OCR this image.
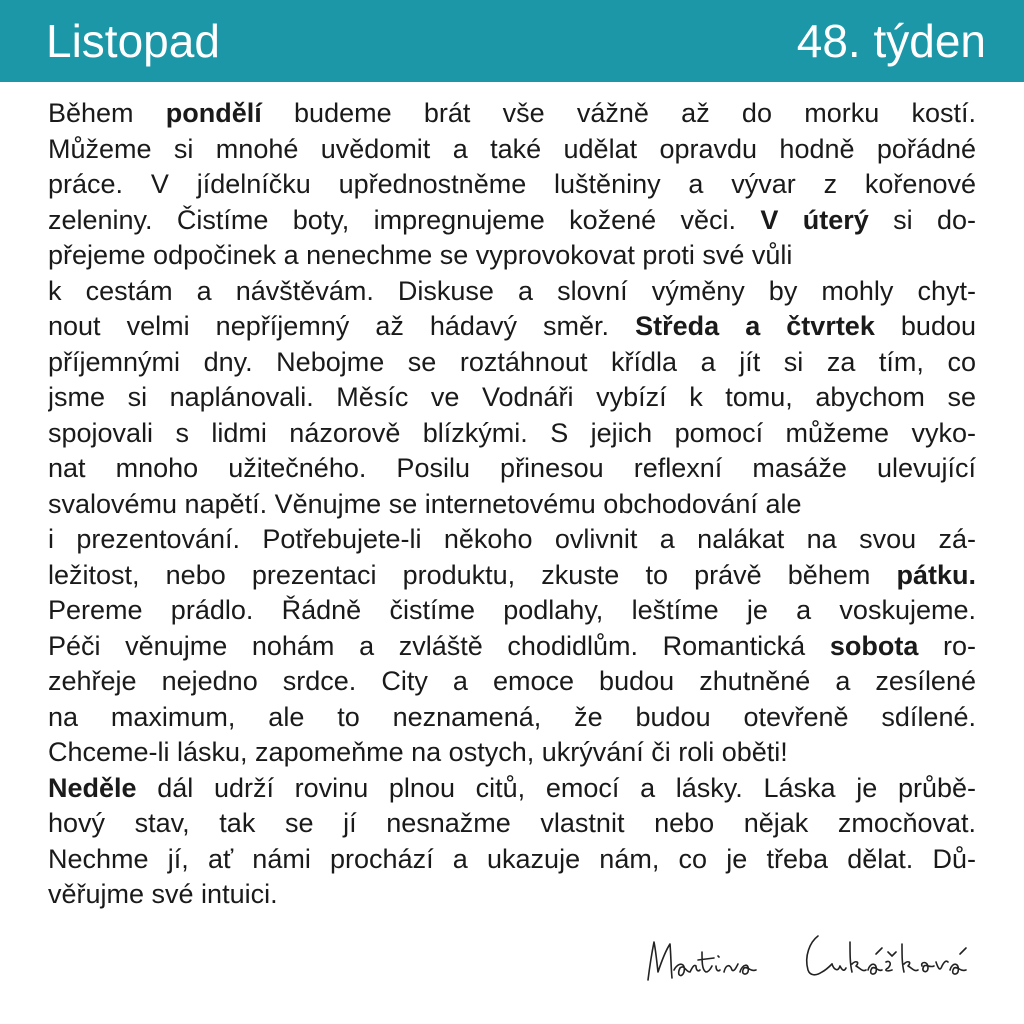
Listopad	48. týden
Během pondělí budeme brát vše vážně až do morku kostí.
Můžeme si mnohé uvědomit a také udělat opravdu hodně pořádné
práce. V jídelníčku upřednostněme luštěniny a vývar z kořenové
zeleniny. Čistíme boty, impregnujeme kožené věci. V úterý si do-
přejeme odpočinek a nenechme se vyprovokovat proti své vůli
k cestám a návštěvám. Diskuse a slovní výměny by mohly chyt-
nout velmi nepříjemný až hádavý směr. Středa a čtvrtek budou
příjemnými dny. Nebojme se roztáhnout křídla a jít si za tím, co
jsme si naplánovali. Měsíc ve Vodnáři vybízí k tomu, abychom se
spojovali s lidmi názorově blízkými. S jejich pomocí můžeme vyko-
nat mnoho užitečného. Posilu přinesou reflexní masáže ulevující
svalovému napětí. Věnujme se internetovému obchodování ale
i prezentování. Potřebujete-li někoho ovlivnit a nalákat na svou zá-
ležitost, nebo prezentaci produktu, zkuste to právě během pátku.
Pereme prádlo. Řádně čistíme podlahy, leštíme je a voskujeme.
Péči věnujme nohám a zvláště chodidlům. Romantická sobota ro-
zehřeje nejedno srdce. City a emoce budou zhutněné a zesílené
na maximum, ale to neznamená, že budou otevřeně sdílené.
Chceme-li lásku, zapomeňme na ostych, ukrývání či roli oběti!
Neděle dál udrží rovinu plnou citů, emocí a lásky. Láska je průbě-
hový stav, tak se jí nesnažme vlastnit nebo nějak zmocňovat.
Nechme jí, ať námi prochází a ukazuje nám, co je třeba dělat. Dů-
věřujme své intuici.
